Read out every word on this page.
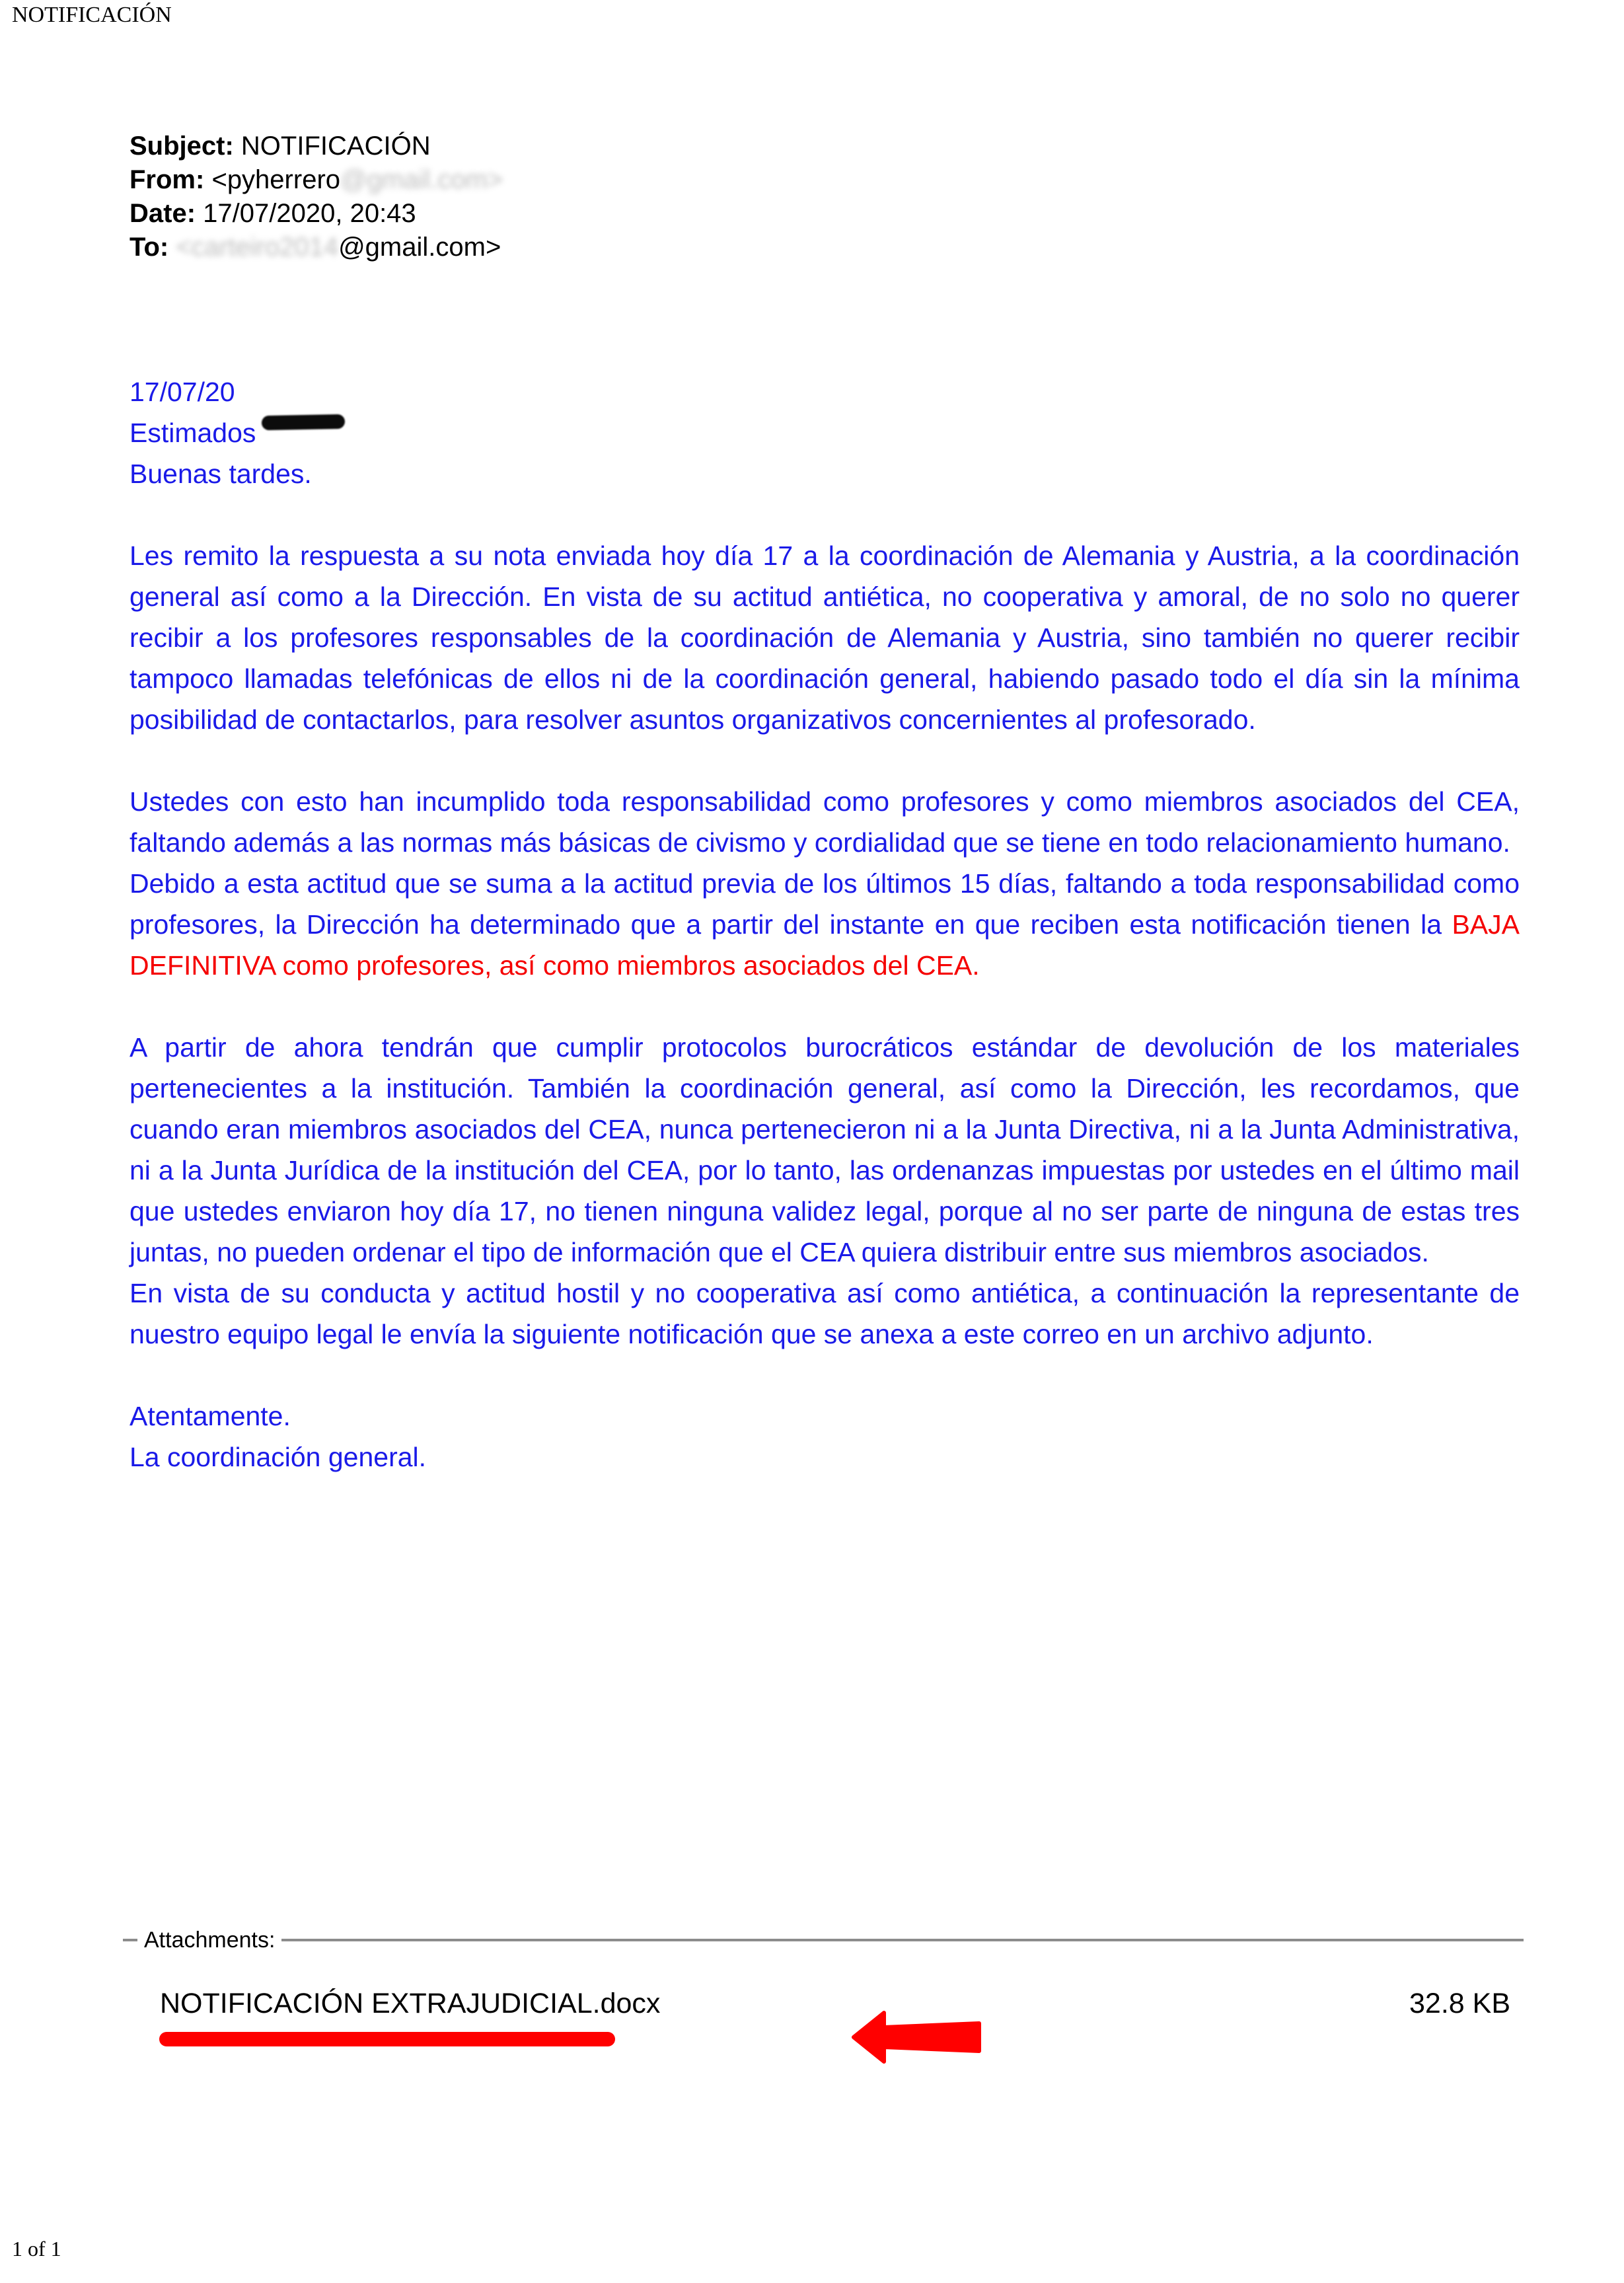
NOTIFICACIÓN
Subject: NOTIFICACIÓN
From: <pyherrero@gmail.com>
Date: 17/07/2020, 20:43
To: <carteiro2014@gmail.com>

17/07/20

Estimados

Buenas tardes.

Les remito la respuesta a su nota enviada hoy día 17 a la coordinación de Alemania y Austria, a la coordinación general así como a la Dirección. En vista de su actitud antiética, no cooperativa y amoral, de no solo no querer recibir a los profesores responsables de la coordinación de Alemania y Austria, sino también no querer recibir tampoco llamadas telefónicas de ellos ni de la coordinación general, habiendo pasado todo el día sin la mínima posibilidad de contactarlos, para resolver asuntos organizativos concernientes al profesorado.

Ustedes con esto han incumplido toda responsabilidad como profesores y como miembros asociados del CEA, faltando además a las normas más básicas de civismo y cordialidad que se tiene en todo relacionamiento humano.

Debido a esta actitud que se suma a la actitud previa de los últimos 15 días, faltando a toda responsabilidad como profesores, la Dirección ha determinado que a partir del instante en que reciben esta notificación tienen la BAJA DEFINITIVA como profesores, así como miembros asociados del CEA.

A partir de ahora tendrán que cumplir protocolos burocráticos estándar de devolución de los materiales pertenecientes a la institución. También la coordinación general, así como la Dirección, les recordamos, que cuando eran miembros asociados del CEA, nunca pertenecieron ni a la Junta Directiva, ni a la Junta Administrativa, ni a la Junta Jurídica de la institución del CEA, por lo tanto, las ordenanzas impuestas por ustedes en el último mail que ustedes enviaron hoy día 17, no tienen ninguna validez legal, porque al no ser parte de ninguna de estas tres juntas, no pueden ordenar el tipo de información que el CEA quiera distribuir entre sus miembros asociados.

En vista de su conducta y actitud hostil y no cooperativa así como antiética, a continuación la representante de nuestro equipo legal le envía la siguiente notificación que se anexa a este correo en un archivo adjunto.

Atentamente.

La coordinación general.

Attachments:
NOTIFICACIÓN EXTRAJUDICIAL.docx	32.8 KB
1 of 1
